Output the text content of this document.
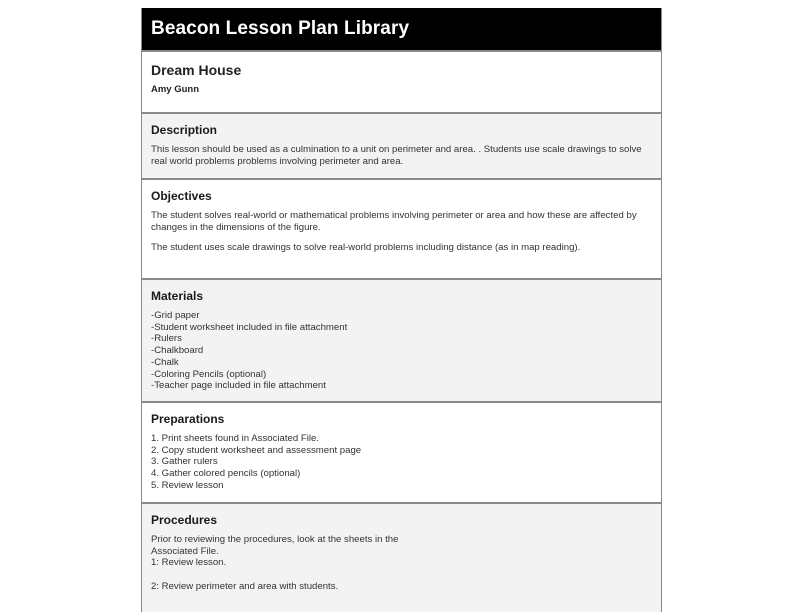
Beacon Lesson Plan Library
Dream House
Amy Gunn
Description

This lesson should be used as a culmination to a unit on perimeter and area. . Students use scale drawings to solve real world problems problems involving perimeter and area.

Objectives

The student solves real-world or mathematical problems involving perimeter or area and how these are affected by changes in the dimensions of the figure.

The student uses scale drawings to solve real-world problems including distance (as in map reading).

Materials
-Grid paper
-Student worksheet included in file attachment
-Rulers
-Chalkboard
-Chalk
-Coloring Pencils (optional)
-Teacher page included in file attachment
Preparations
1. Print sheets found in Associated File.
2. Copy student worksheet and assessment page
3. Gather rulers
4. Gather colored pencils (optional)
5. Review lesson
Procedures
Prior to reviewing the procedures, look at the sheets in the
Associated File.
1: Review lesson.
2: Review perimeter and area with students.
